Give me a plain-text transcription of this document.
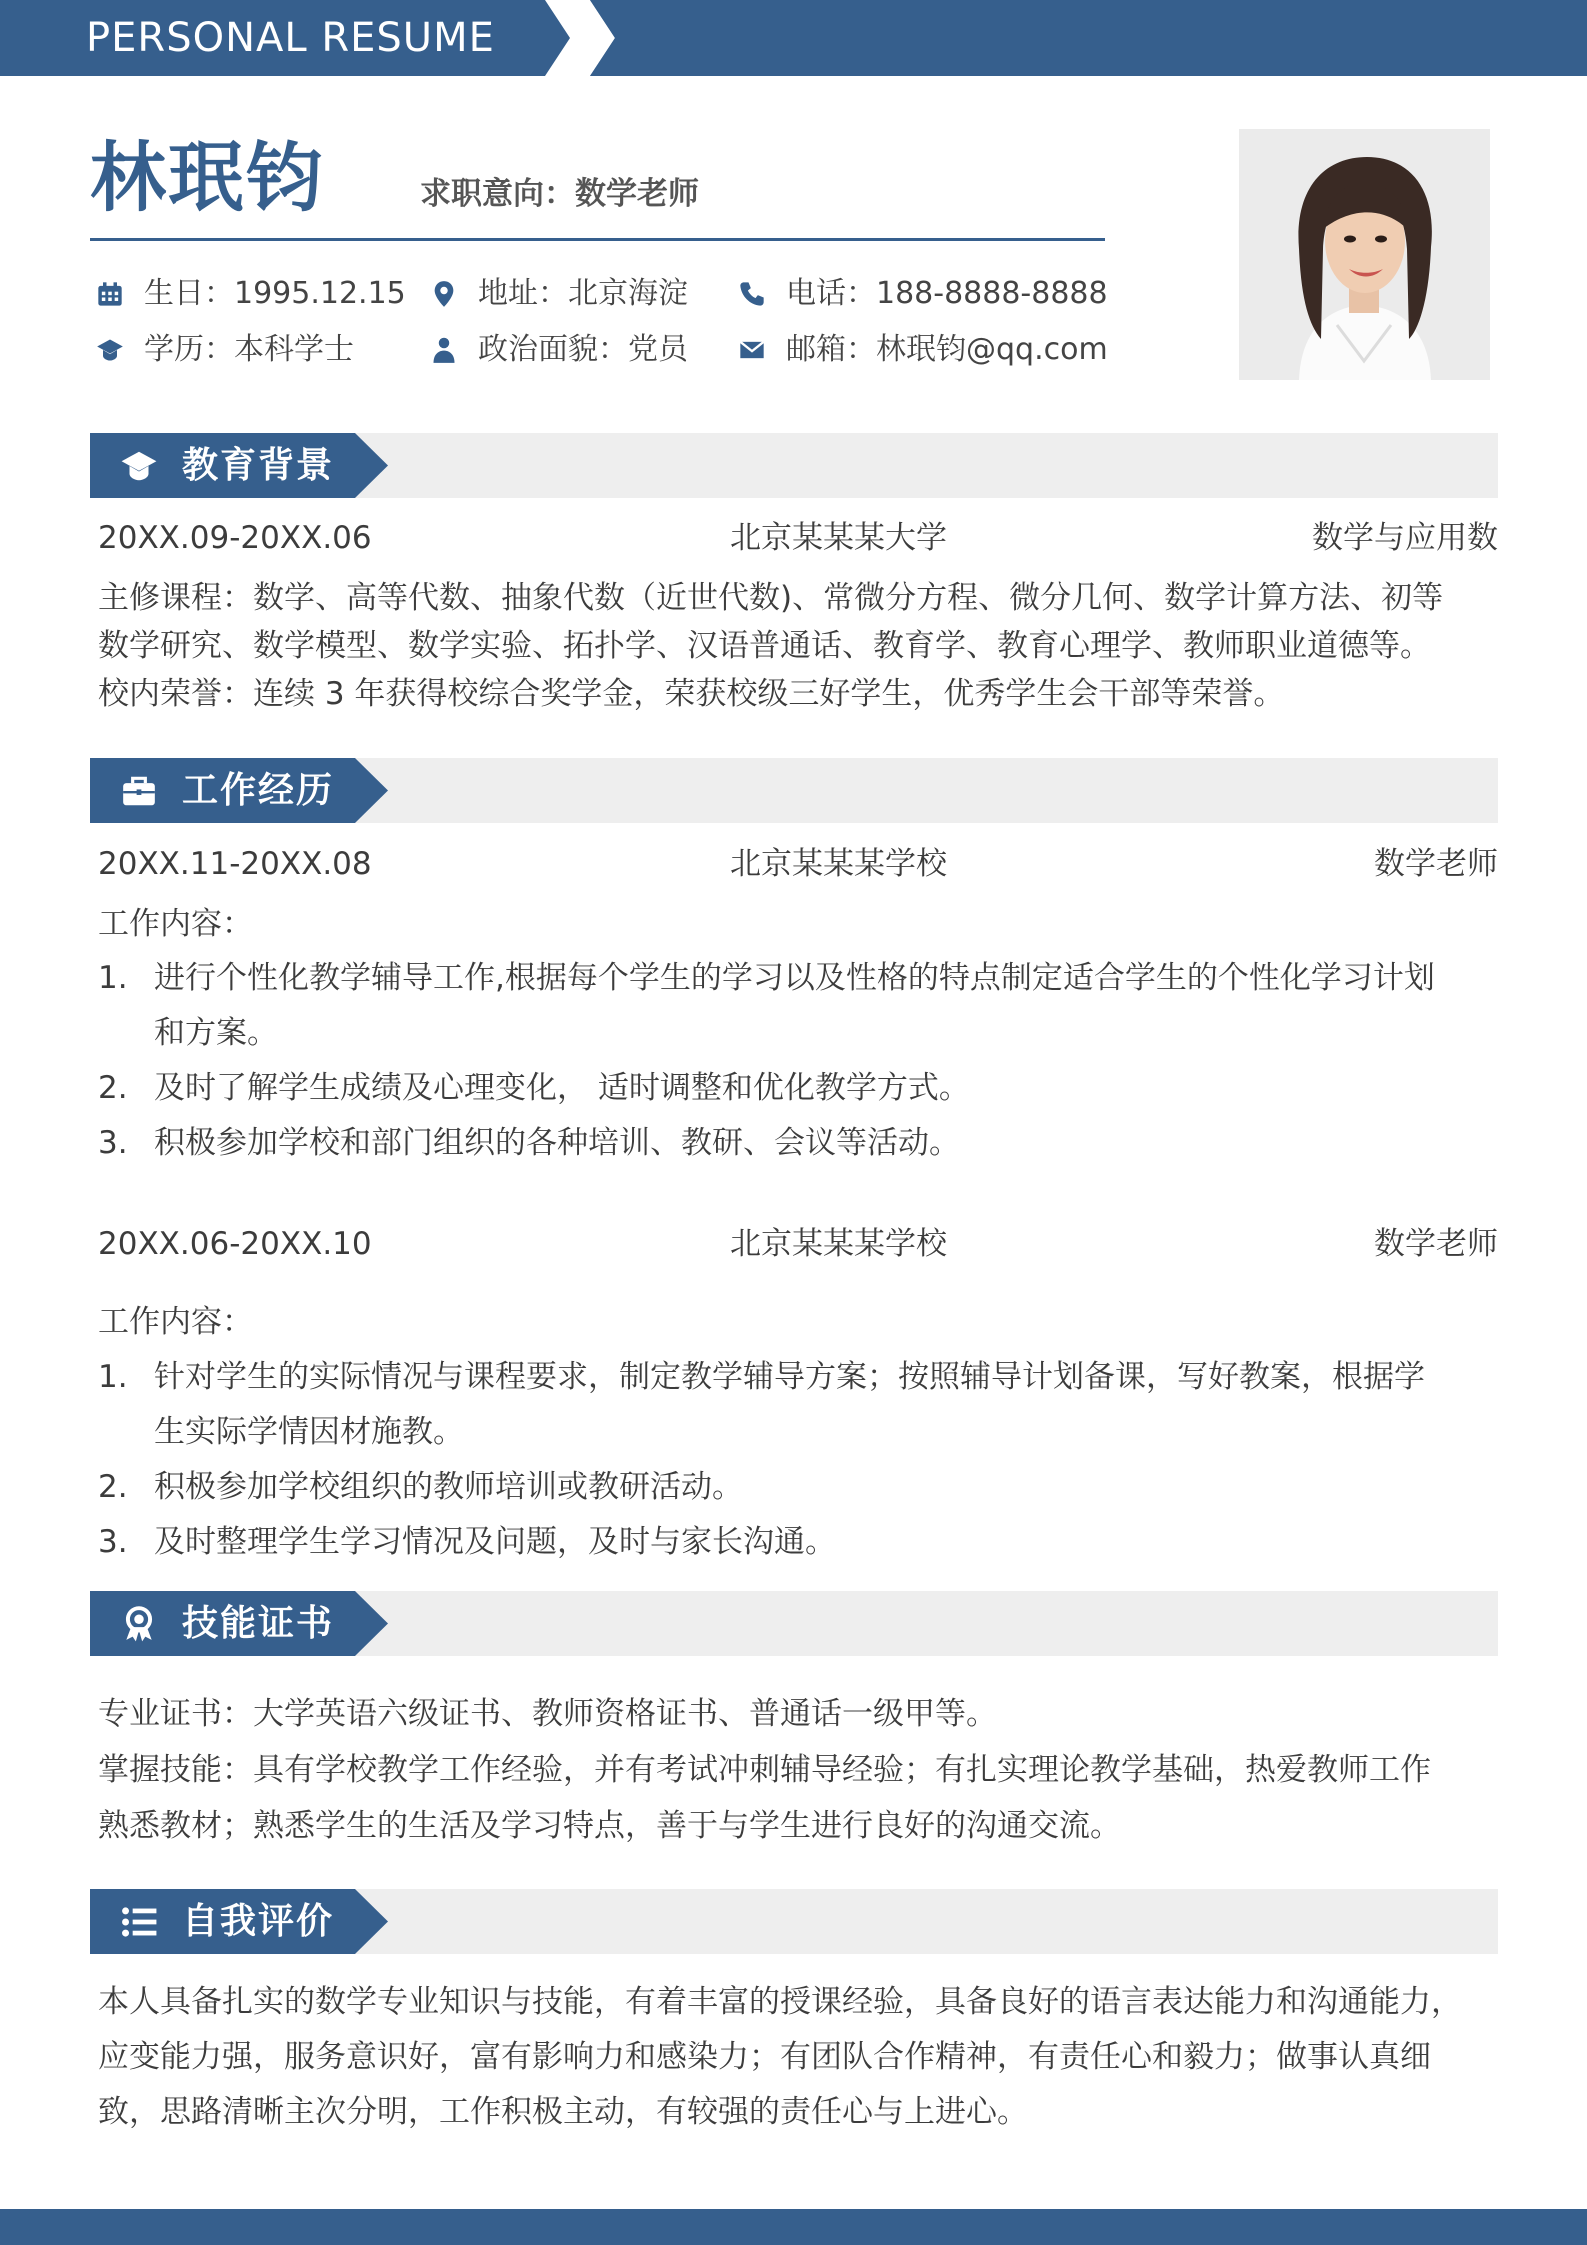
PERSONAL RESUME
林珉钧	求职意向：数学老师
生日：1995.12.15 地址：北京海淀	电话：188-8888-8888
学历：本科学士	政治面貌：党员	邮箱：林珉钧@qq.com
教育背景
20XX.09-20XX.06	北京某某某大学	数学与应用数

主修课程：数学、高等代数、抽象代数（近世代数)、常微分方程、微分几何、数学计算方法、初等

数学研究、数学模型、数学实验、拓扑学、汉语普通话、教育学、教育心理学、教师职业道德等。

校内荣誉：连续 3 年获得校综合奖学金，荣获校级三好学生，优秀学生会干部等荣誉。

工作经历
20XX.11-20XX.08	北京某某某学校	数学老师
工作内容：
1. 进行个性化教学辅导工作,根据每个学生的学习以及性格的特点制定适合学生的个性化学习计划
和方案。
2. 及时了解学生成绩及心理变化， 适时调整和优化教学方式。
3. 积极参加学校和部门组织的各种培训、教研、会议等活动。
20XX.06-20XX.10	北京某某某学校	数学老师
工作内容：
1. 针对学生的实际情况与课程要求，制定教学辅导方案；按照辅导计划备课，写好教案，根据学
生实际学情因材施教。
2. 积极参加学校组织的教师培训或教研活动。
3. 及时整理学生学习情况及问题，及时与家长沟通。
技能证书

专业证书：大学英语六级证书、教师资格证书、普通话一级甲等。

掌握技能：具有学校教学工作经验，并有考试冲刺辅导经验；有扎实理论教学基础，热爱教师工作

熟悉教材；熟悉学生的生活及学习特点，善于与学生进行良好的沟通交流。

自我评价

本人具备扎实的数学专业知识与技能，有着丰富的授课经验，具备良好的语言表达能力和沟通能力，

应变能力强，服务意识好，富有影响力和感染力；有团队合作精神，有责任心和毅力；做事认真细

致，思路清晰主次分明，工作积极主动，有较强的责任心与上进心。
